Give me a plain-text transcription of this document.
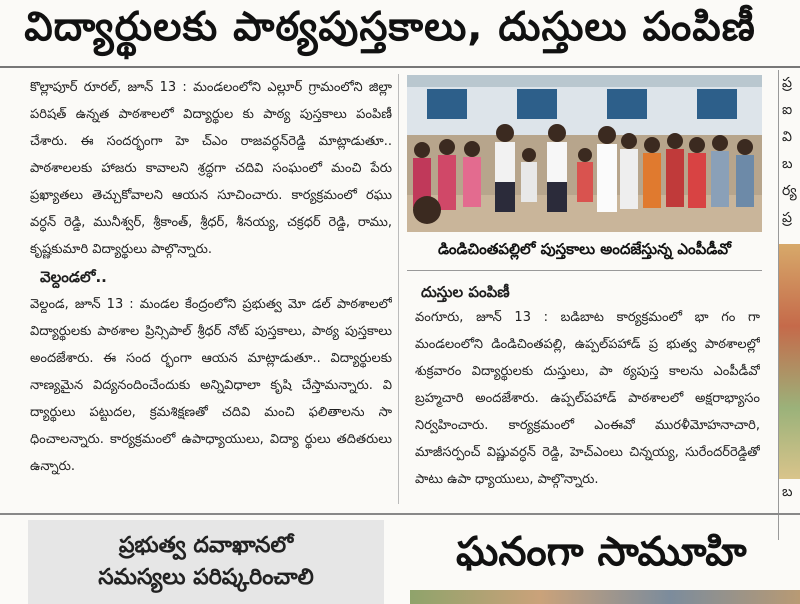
విద్యార్థులకు పాఠ్యపుస్తకాలు, దుస్తులు పంపిణీ

కొల్లాపూర్ రూరల్, జూన్ 13 : మండలంలోని ఎల్లూర్ గ్రామంలోని జిల్లా పరిషత్ ఉన్నత పాఠశాలలో విద్యార్థుల కు పాఠ్య పుస్తకాలు పంపిణీ చేశారు. ఈ సందర్భంగా హె చ్ఎం రాజవర్ధన్‌రెడ్డి మాట్లాడుతూ.. పాఠశాలలకు హాజరు కావాలని శ్రద్ధగా చదివి సంఘంలో మంచి పేరు ప్రఖ్యాతలు తెచ్చుకోవాలని ఆయన సూచించారు. కార్యక్రమంలో రఘు వర్ధన్ రెడ్డి, మునీశ్వర్, శ్రీకాంత్, శ్రీధర్, శీనయ్య, చక్రధర్ రెడ్డి, రాము, కృష్ణకుమారి విద్యార్థులు పాల్గొన్నారు.

వెల్దండలో..

వెల్దండ, జూన్ 13 : మండల కేంద్రంలోని ప్రభుత్వ మో డల్ పాఠశాలలో విద్యార్థులకు పాఠశాల ప్రిన్సిపాల్ శ్రీధర్ నోట్ పుస్తకాలు, పాఠ్య పుస్తకాలు అందజేశారు. ఈ సంద ర్భంగా ఆయన మాట్లాడుతూ.. విద్యార్థులకు నాణ్యమైన విద్యనందించేందుకు అన్నివిధాలా కృషి చేస్తామన్నారు. వి ద్యార్థులు పట్టుదల, క్రమశిక్షణతో చదివి మంచి ఫలితాలను సా ధించాలన్నారు. కార్యక్రమంలో ఉపాధ్యాయులు, విద్యా ర్థులు తదితరులు ఉన్నారు.

డిండిచింతపల్లిలో పుస్తకాలు అందజేస్తున్న ఎంపీడీవో

దుస్తుల పంపిణీ

వంగూరు, జూన్ 13 : బడిబాట కార్యక్రమంలో భా గం గా మండలంలోని డిండిచింతపల్లి, ఉప్పల్‌పహాడ్ ప్ర భుత్వ పాఠశాలల్లో శుక్రవారం విద్యార్థులకు దుస్తులు, పా ఠ్యపుస్త కాలను ఎంపీడీవో బ్రహ్మచారి అందజేశారు. ఉప్పల్‌పహాడ్ పాఠశాలలో అక్షరాభ్యాసం నిర్వహించారు. కార్యక్రమంలో ఎంఈవో మురళీమోహనాచారి, మాజీసర్పంచ్ విష్ణువర్ధన్ రెడ్డి, హెచ్‌ఎంలు చిన్నయ్య, సురేందర్‌రెడ్డితో పాటు ఉపా ధ్యాయులు, పాల్గొన్నారు.

ప్ర
ఐ
వి
బ
ర్య
ప్ర
బ
ప్రభుత్వ దవాఖానలో
సమస్యలు పరిష్కరించాలి
ఘనంగా సామూహి
